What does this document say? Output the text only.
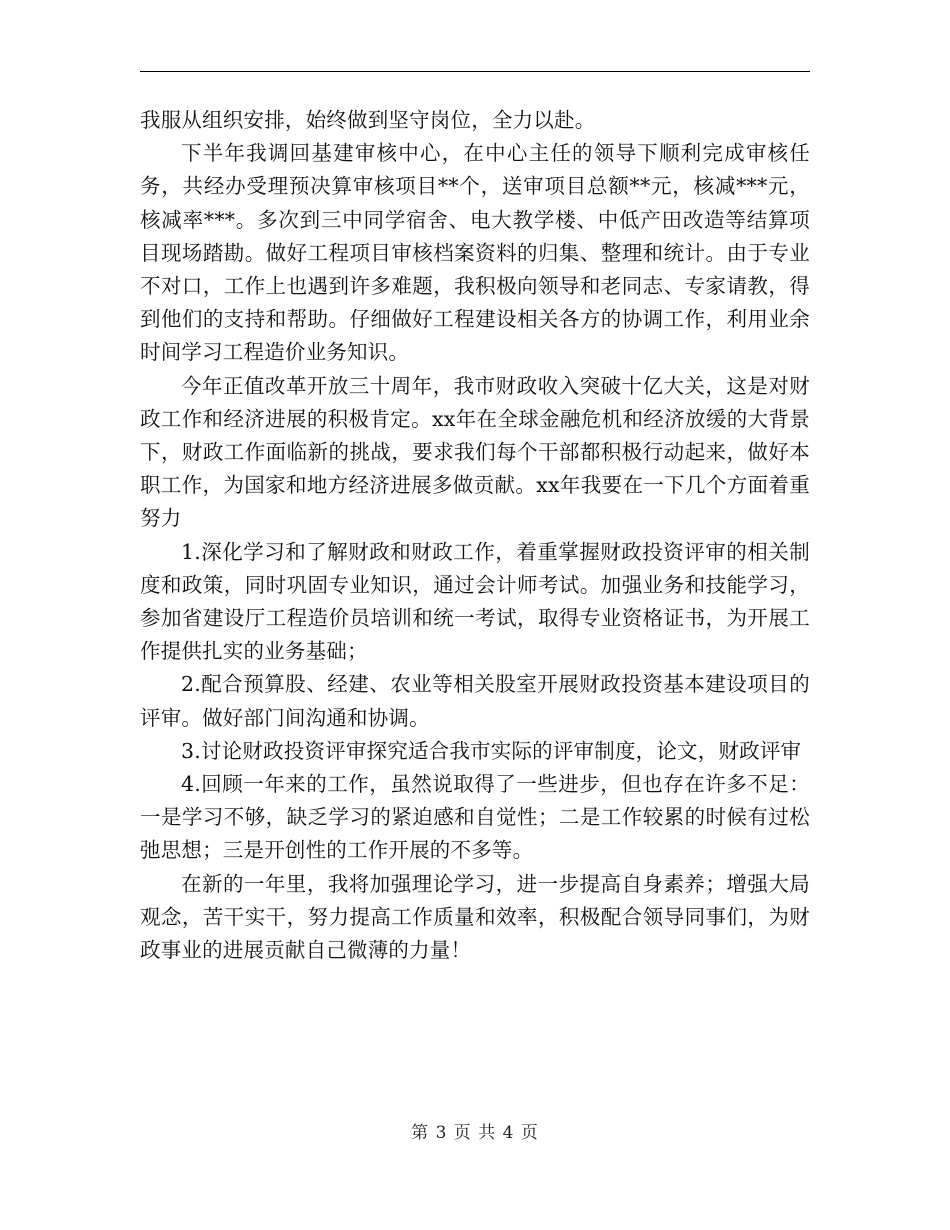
我服从组织安排，始终做到坚守岗位，全力以赴。

下半年我调回基建审核中心，在中心主任的领导下顺利完成审核任务，共经办受理预决算审核项目**个，送审项目总额**元，核减***元，核减率***。多次到三中同学宿舍、电大教学楼、中低产田改造等结算项目现场踏勘。做好工程项目审核档案资料的归集、整理和统计。由于专业不对口，工作上也遇到许多难题，我积极向领导和老同志、专家请教，得到他们的支持和帮助。仔细做好工程建设相关各方的协调工作，利用业余时间学习工程造价业务知识。

今年正值改革开放三十周年，我市财政收入突破十亿大关，这是对财政工作和经济进展的积极肯定。xx年在全球金融危机和经济放缓的大背景下，财政工作面临新的挑战，要求我们每个干部都积极行动起来，做好本职工作，为国家和地方经济进展多做贡献。xx年我要在一下几个方面着重努力

1.深化学习和了解财政和财政工作，着重掌握财政投资评审的相关制度和政策，同时巩固专业知识，通过会计师考试。加强业务和技能学习，参加省建设厅工程造价员培训和统一考试，取得专业资格证书，为开展工作提供扎实的业务基础；

2.配合预算股、经建、农业等相关股室开展财政投资基本建设项目的评审。做好部门间沟通和协调。

3.讨论财政投资评审探究适合我市实际的评审制度，论文，财政评审

4.回顾一年来的工作，虽然说取得了一些进步，但也存在许多不足：一是学习不够，缺乏学习的紧迫感和自觉性；二是工作较累的时候有过松弛思想；三是开创性的工作开展的不多等。

在新的一年里，我将加强理论学习，进一步提高自身素养；增强大局观念，苦干实干，努力提高工作质量和效率，积极配合领导同事们，为财政事业的进展贡献自己微薄的力量！

第 3 页 共 4 页
